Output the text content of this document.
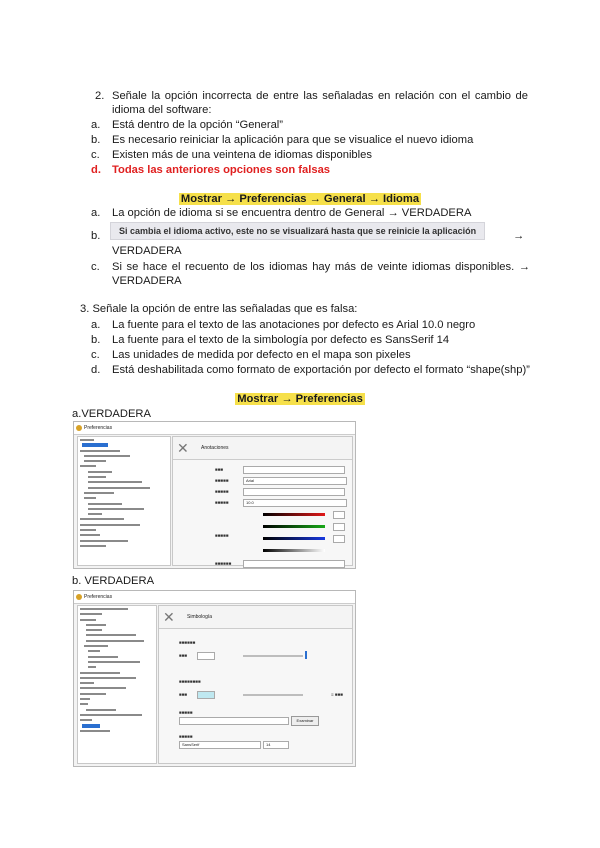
2. Señale la opción incorrecta de entre las señaladas en relación con el cambio de idioma del software:
a. Está dentro de la opción “General”
b. Es necesario reiniciar la aplicación para que se visualice el nuevo idioma
c. Existen más de una veintena de idiomas disponibles
d. Todas las anteriores opciones son falsas
Mostrar → Preferencias → General → Idioma
a. La opción de idioma si se encuentra dentro de General → VERDADERA
b.	Si cambia el idioma activo, este no se visualizará hasta que se reinicie la aplicación	→
VERDADERA
c. Si se hace el recuento de los idiomas hay más de veinte idiomas disponibles. → VERDADERA
3. Señale la opción de entre las señaladas que es falsa:
a. La fuente para el texto de las anotaciones por defecto es Arial 10.0 negro
b. La fuente para el texto de la simbología por defecto es SansSerif 14
c. Las unidades de medida por defecto en el mapa son pixeles
d. Está deshabilitada como formato de exportación por defecto el formato “shape(shp)”
Mostrar → Preferencias
a.VERDADERA
Preferencias
✕	Anotaciones
■■■
■■■■■	Arial
■■■■■
■■■■■	10.0
■■■■■
■■■■■■
b. VERDADERA
Preferencias
✕	Simbología
■■■■■■
■■■
■■■■■■■■
■■■	≡ ■■■
■■■■■
Examinar
■■■■■
SansSerif	14
